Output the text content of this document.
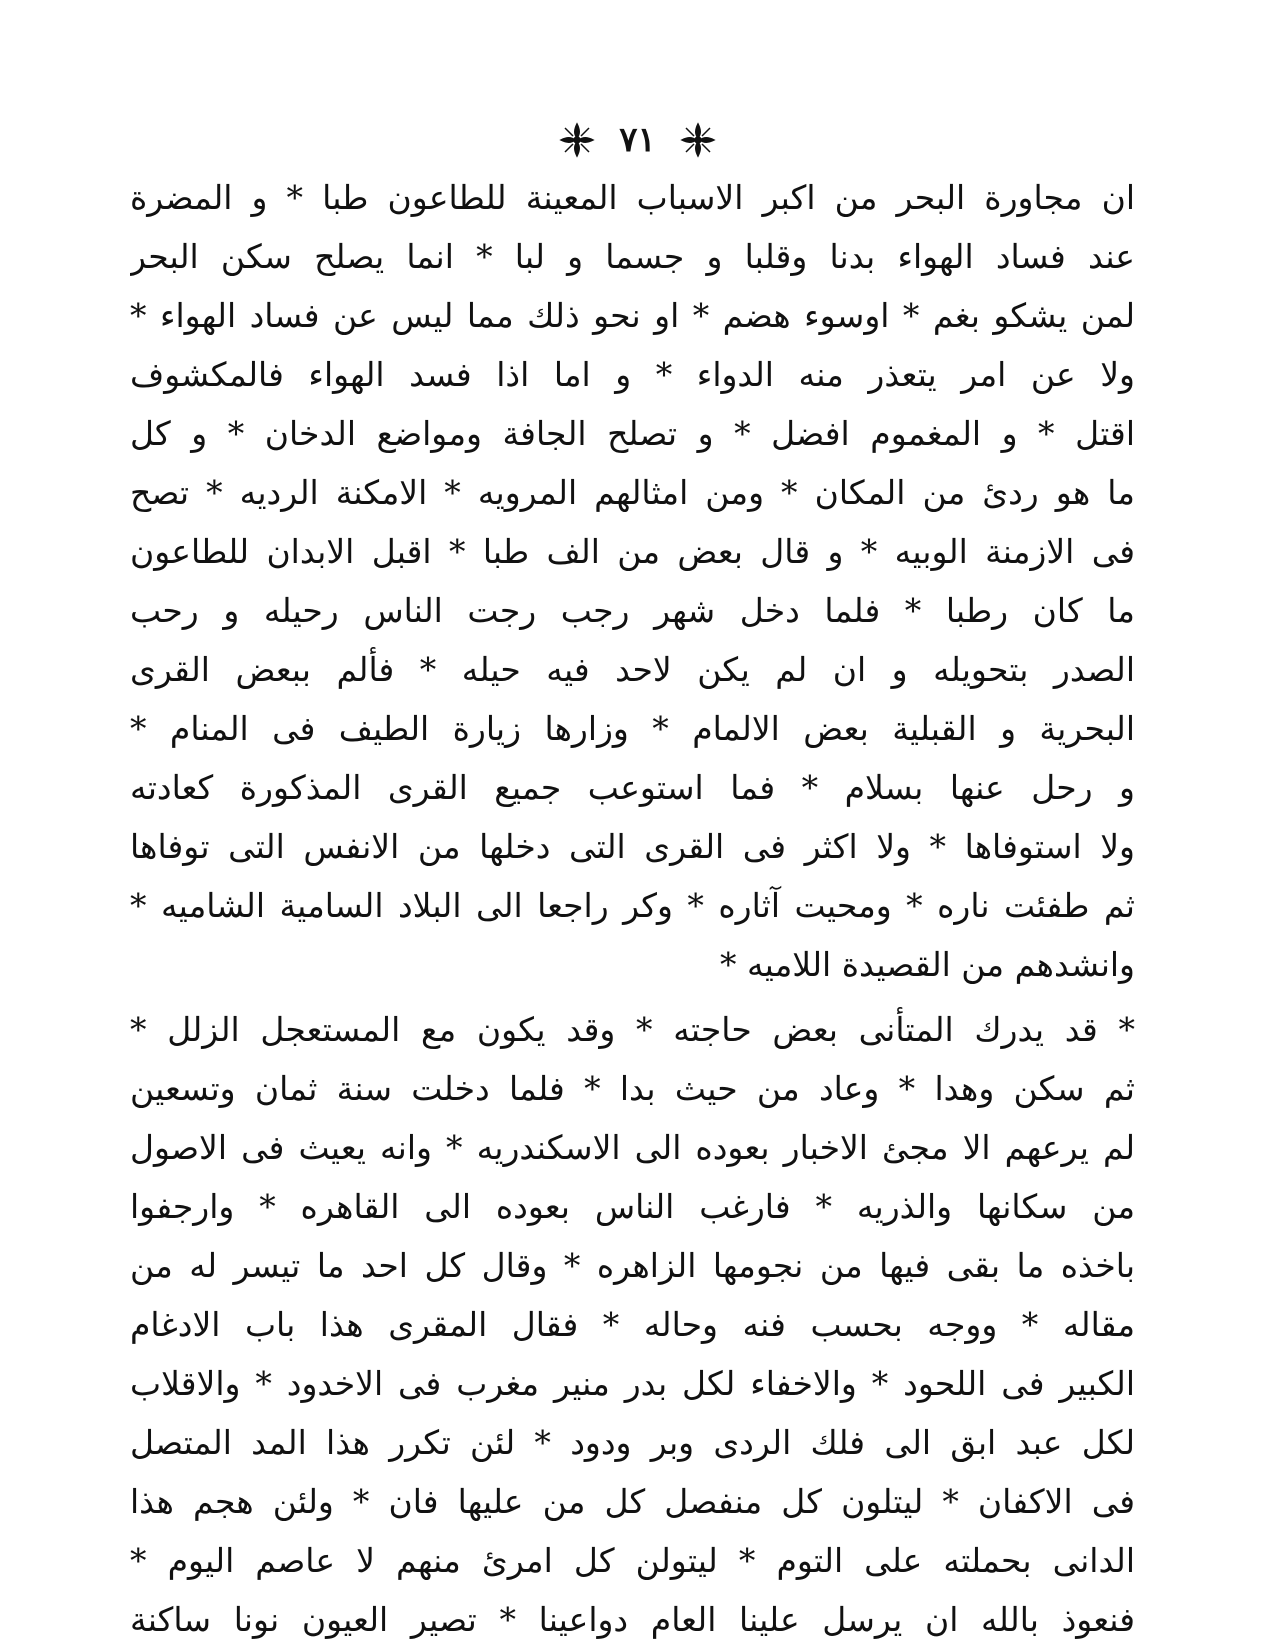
٧١
ان مجاورة البحر من اكبر الاسباب المعينة للطاعون طبا * و المضرة
عند فساد الهواء بدنا وقلبا و جسما و لبا * انما يصلح سكن البحر
لمن يشكو بغم * اوسوء هضم * او نحو ذلك مما ليس عن فساد الهواء *
ولا عن امر يتعذر منه الدواء * و اما اذا فسد الهواء فالمكشوف
اقتل * و المغموم افضل * و تصلح الجافة ومواضع الدخان * و كل
ما هو ردئ من المكان * ومن امثالهم المرويه * الامكنة الرديه * تصح
فى الازمنة الوبيه * و قال بعض من الف طبا * اقبل الابدان للطاعون
ما كان رطبا * فلما دخل شهر رجب رجت الناس رحيله و رحب
الصدر بتحويله و ان لم يكن لاحد فيه حيله * فألم ببعض القرى
البحرية و القبلية بعض الالمام * وزارها زيارة الطيف فى المنام *
و رحل عنها بسلام * فما استوعب جميع القرى المذكورة كعادته
ولا استوفاها * ولا اكثر فى القرى التى دخلها من الانفس التى توفاها
ثم طفئت ناره * ومحيت آثاره * وكر راجعا الى البلاد السامية الشاميه *
وانشدهم من القصيدة اللاميه *
* قد يدرك المتأنى بعض حاجته * وقد يكون مع المستعجل الزلل *
ثم سكن وهدا * وعاد من حيث بدا * فلما دخلت سنة ثمان وتسعين
لم يرعهم الا مجئ الاخبار بعوده الى الاسكندريه * وانه يعيث فى الاصول
من سكانها والذريه * فارغب الناس بعوده الى القاهره * وارجفوا
باخذه ما بقى فيها من نجومها الزاهره * وقال كل احد ما تيسر له من
مقاله * ووجه بحسب فنه وحاله * فقال المقرى هذا باب الادغام
الكبير فى اللحود * والاخفاء لكل بدر منير مغرب فى الاخدود * والاقلاب
لكل عبد ابق الى فلك الردى وبر ودود * لئن تكرر هذا المد المتصل
فى الاكفان * ليتلون كل منفصل كل من عليها فان * ولئن هجم هذا
الدانى بحملته على التوم * ليتولن كل امرئ منهم لا عاصم اليوم *
فنعوذ بالله ان يرسل علينا العام دواعينا * تصير العيون نونا ساكنة
